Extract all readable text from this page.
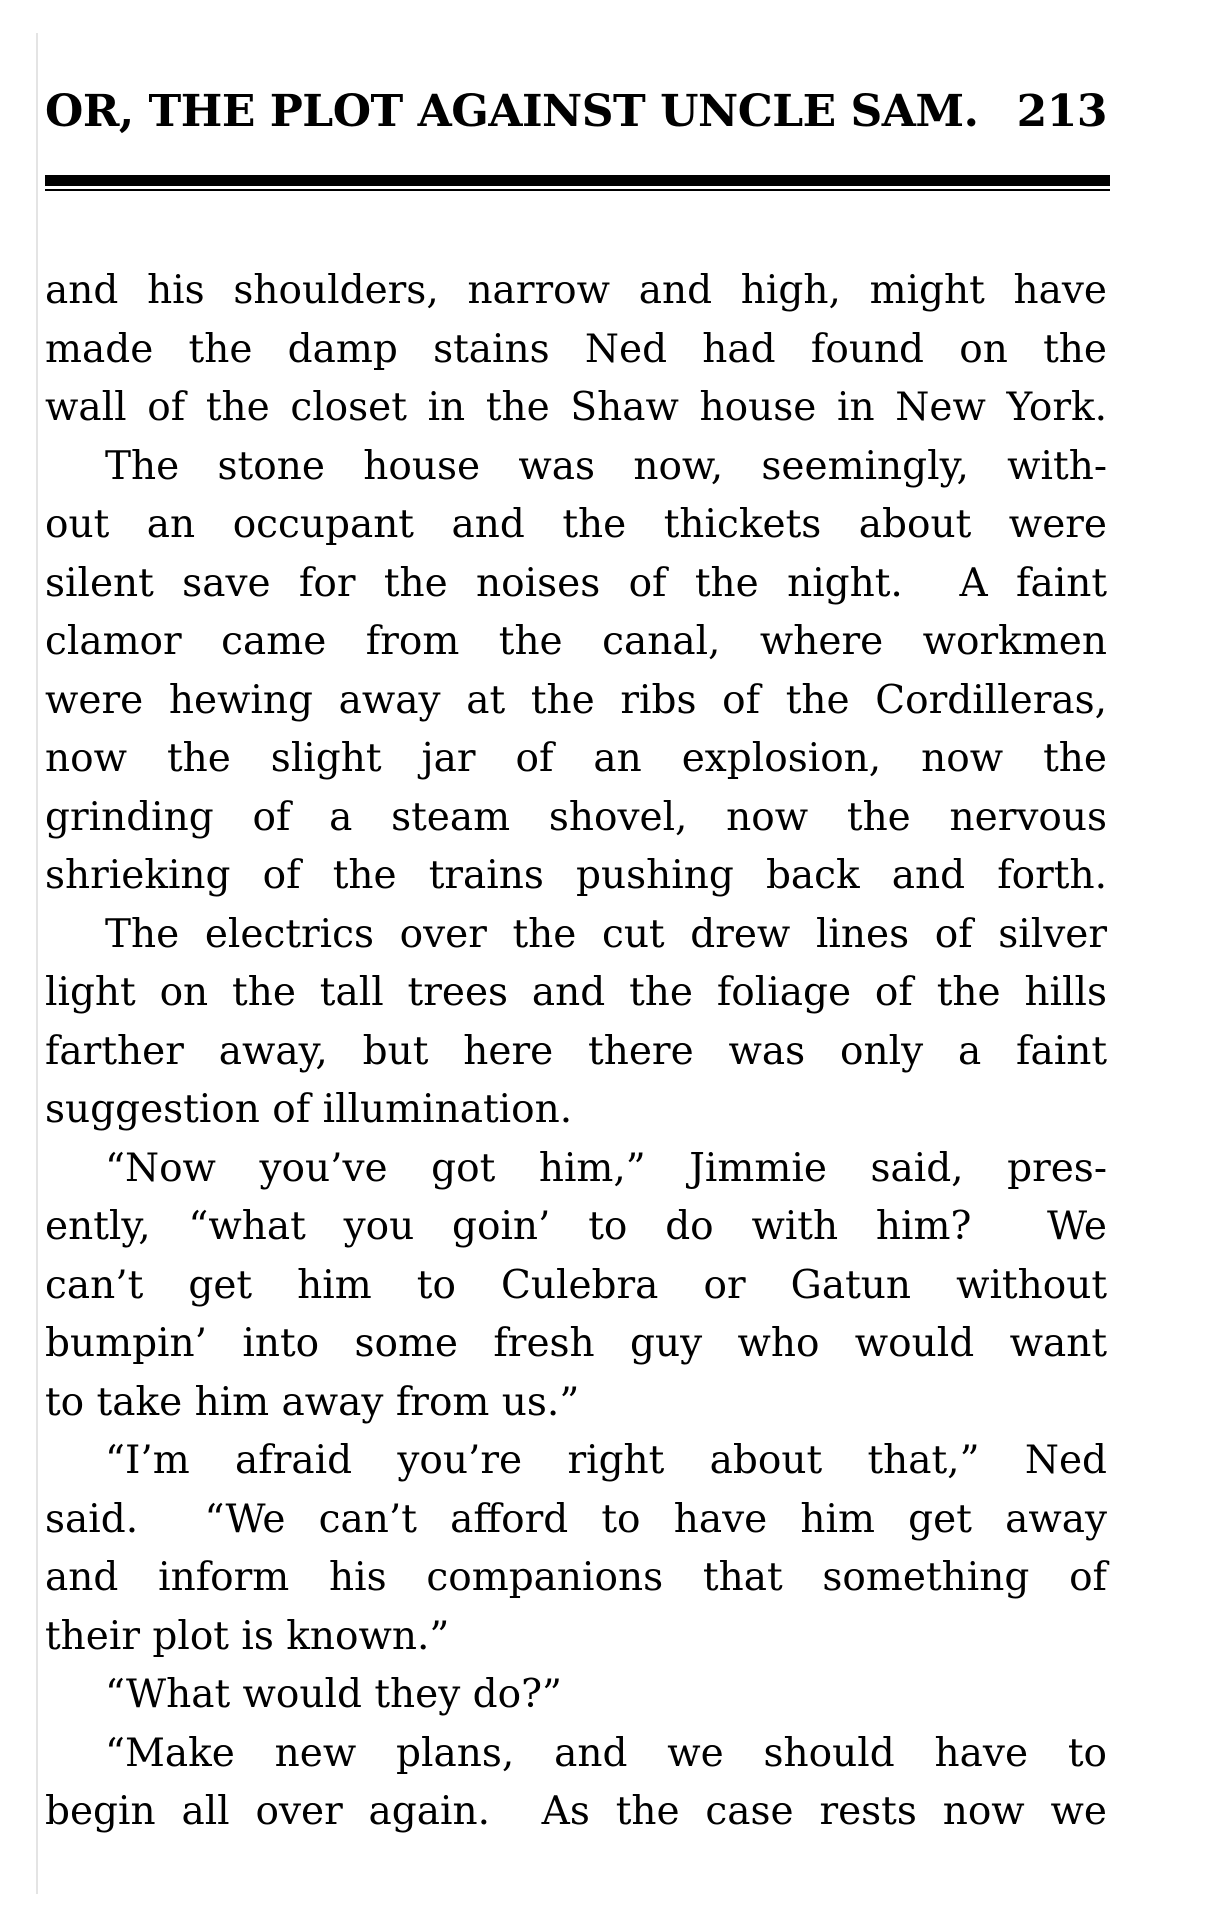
OR, THE PLOT AGAINST UNCLE SAM. 213
and his shoulders, narrow and high, might have
made the damp stains Ned had found on the
wall of the closet in the Shaw house in New York.
The stone house was now, seemingly, with-
out an occupant and the thickets about were
silent save for the noises of the night.  A faint
clamor came from the canal, where workmen
were hewing away at the ribs of the Cordilleras,
now the slight jar of an explosion, now the
grinding of a steam shovel, now the nervous
shrieking of the trains pushing back and forth.
The electrics over the cut drew lines of silver
light on the tall trees and the foliage of the hills
farther away, but here there was only a faint
suggestion of illumination.
“Now you’ve got him,” Jimmie said, pres-
ently, “what you goin’ to do with him?  We
can’t get him to Culebra or Gatun without
bumpin’ into some fresh guy who would want
to take him away from us.”
“I’m afraid you’re right about that,” Ned
said.  “We can’t afford to have him get away
and inform his companions that something of
their plot is known.”
“What would they do?”
“Make new plans, and we should have to
begin all over again.  As the case rests now we
